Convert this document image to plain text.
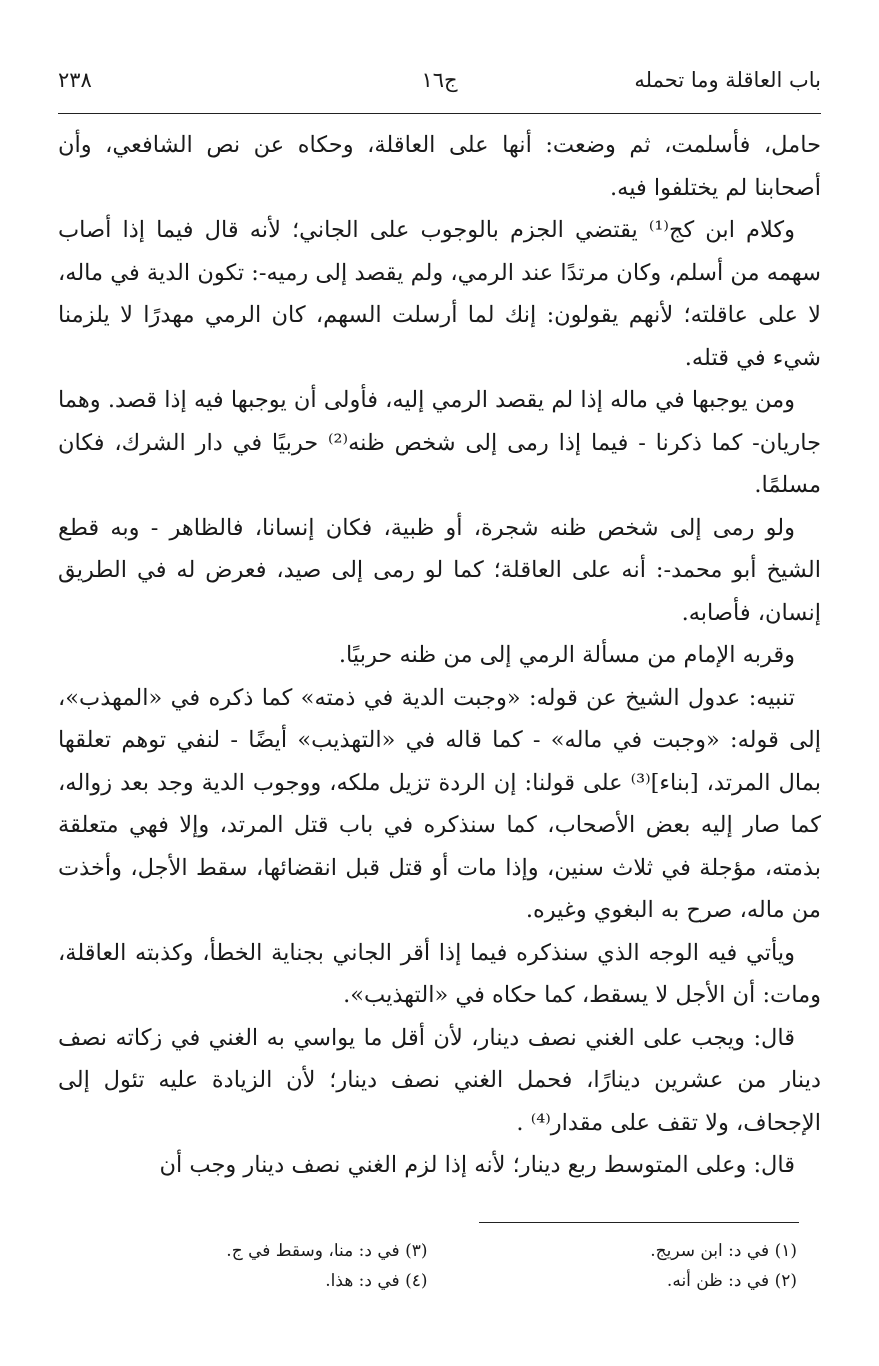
باب العاقلة وما تحمله
ج١٦
٢٣٨

حامل، فأسلمت، ثم وضعت: أنها على العاقلة، وحكاه عن نص الشافعي، وأن أصحابنا لم يختلفوا فيه.

وكلام ابن كج⁽¹⁾ يقتضي الجزم بالوجوب على الجاني؛ لأنه قال فيما إذا أصاب سهمه من أسلم، وكان مرتدًا عند الرمي، ولم يقصد إلى رميه-: تكون الدية في ماله، لا على عاقلته؛ لأنهم يقولون: إنك لما أرسلت السهم، كان الرمي مهدرًا لا يلزمنا شيء في قتله.

ومن يوجبها في ماله إذا لم يقصد الرمي إليه، فأولى أن يوجبها فيه إذا قصد. وهما جاريان- كما ذكرنا - فيما إذا رمى إلى شخص ظنه⁽²⁾ حربيًا في دار الشرك، فكان مسلمًا.

ولو رمى إلى شخص ظنه شجرة، أو ظبية، فكان إنسانا، فالظاهر - وبه قطع الشيخ أبو محمد-: أنه على العاقلة؛ كما لو رمى إلى صيد، فعرض له في الطريق إنسان، فأصابه.

وقربه الإمام من مسألة الرمي إلى من ظنه حربيًا.

تنبيه: عدول الشيخ عن قوله: «وجبت الدية في ذمته» كما ذكره في «المهذب»، إلى قوله: «وجبت في ماله» - كما قاله في «التهذيب» أيضًا - لنفي توهم تعلقها بمال المرتد، [بناء]⁽³⁾ على قولنا: إن الردة تزيل ملكه، ووجوب الدية وجد بعد زواله، كما صار إليه بعض الأصحاب، كما سنذكره في باب قتل المرتد، وإلا فهي متعلقة بذمته، مؤجلة في ثلاث سنين، وإذا مات أو قتل قبل انقضائها، سقط الأجل، وأخذت من ماله، صرح به البغوي وغيره.

ويأتي فيه الوجه الذي سنذكره فيما إذا أقر الجاني بجناية الخطأ، وكذبته العاقلة، ومات: أن الأجل لا يسقط، كما حكاه في «التهذيب».

قال: ويجب على الغني نصف دينار، لأن أقل ما يواسي به الغني في زكاته نصف دينار من عشرين دينارًا، فحمل الغني نصف دينار؛ لأن الزيادة عليه تئول إلى الإجحاف، ولا تقف على مقدار⁽⁴⁾ .

قال: وعلى المتوسط ربع دينار؛ لأنه إذا لزم الغني نصف دينار وجب أن

(١) في د: ابن سريج.
(٣) في د: منا، وسقط في ج.
(٢) في د: ظن أنه.
(٤) في د: هذا.
